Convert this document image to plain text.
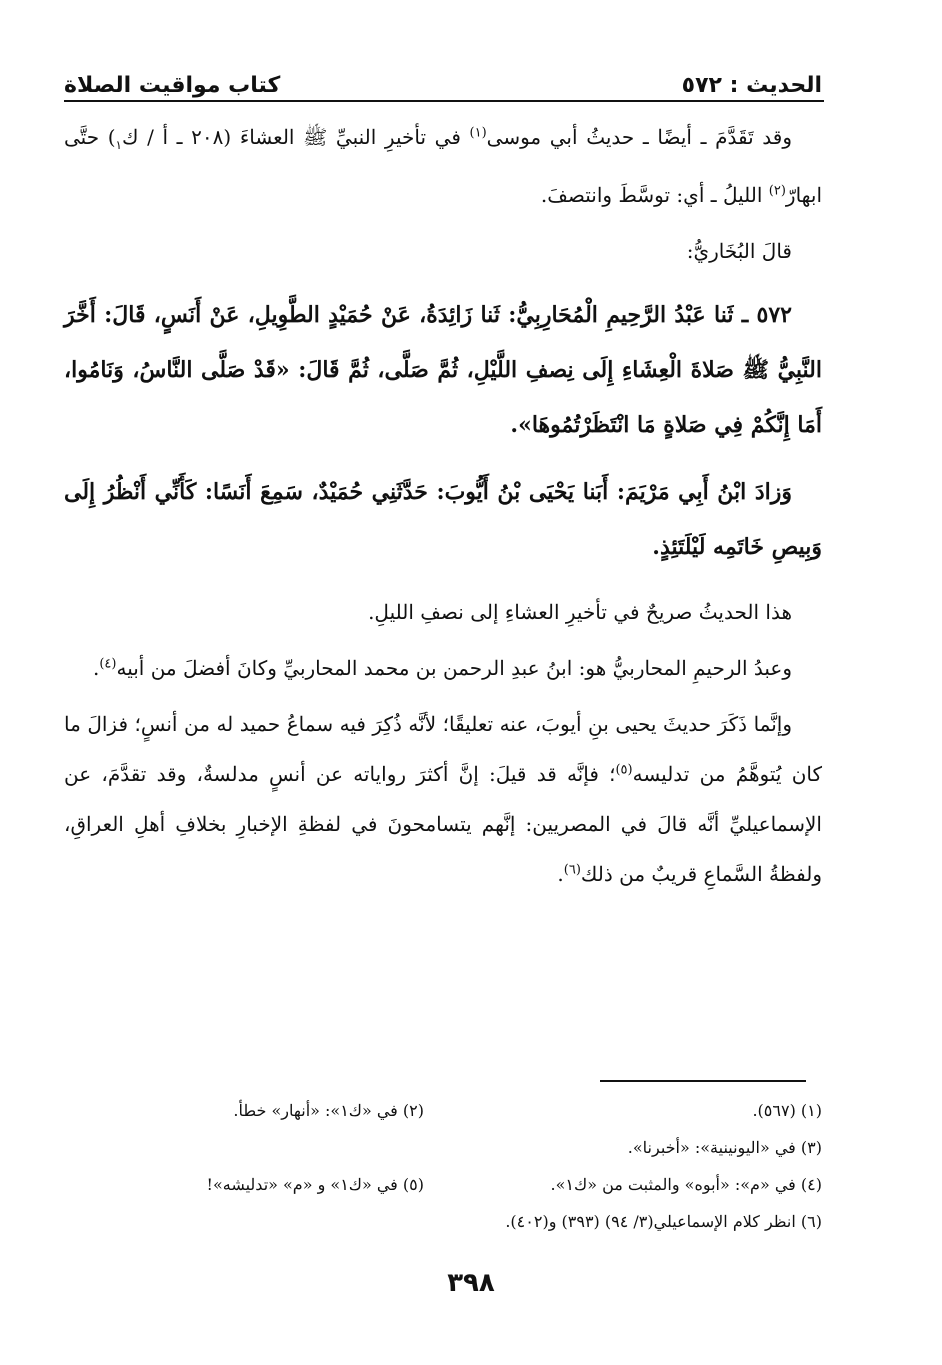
الحديث : ٥٧٢
كتاب مواقيت الصلاة

وقد تَقَدَّمَ ـ أيضًا ـ حديثُ أبي موسى$^{(١)}$ في تأخيرِ النبيِّ ﷺ العشاءَ (٢٠٨ ـ أ / ك$_١$) حتَّى ابهارّ$^{(٢)}$ الليلُ ـ أي: توسَّطَ وانتصفَ.

قالَ البُخَاريُّ:

٥٧٢ ـ ثَنا عَبْدُ الرَّحِيمِ الْمُحَارِبِيُّ: ثَنا زَائِدَةُ، عَنْ حُمَيْدٍ الطَّوِيلِ، عَنْ أَنَسٍ، قَالَ: أَخَّرَ النَّبِيُّ ﷺ صَلاةَ الْعِشَاءِ إِلَى نِصفِ اللَّيْلِ، ثُمَّ صَلَّى، ثُمَّ قَالَ: «قَدْ صَلَّى النَّاسُ، وَنَامُوا، أَمَا إِنَّكُمْ فِي صَلاةٍ مَا انْتَظَرْتُمُوهَا».

وَزادَ ابْنُ أَبِي مَرْيَمَ: أَبَنا يَحْيَى بْنُ أَيُّوبَ: حَدَّثَنِي حُمَيْدٌ، سَمِعَ أَنَسًا: كَأَنِّي أَنْظُرُ إِلَى وَبِيصِ خَاتَمِه لَيْلَتَئِذٍ.

هذا الحديثُ صريحٌ في تأخيرِ العشاءِ إلى نصفِ الليلِ.

وعبدُ الرحيمِ المحاربيُّ هو: ابنُ عبدِ الرحمن بن محمد المحاربيِّ وكانَ أفضلَ من أبيه$^{(٤)}$.

وإنَّما ذَكَرَ حديثَ يحيى بنِ أيوبَ، عنه تعليقًا؛ لأنَّه ذُكِرَ فيه سماعُ حميد له من أنسٍ؛ فزالَ ما كان يُتوهَّمُ من تدليسه$^{(٥)}$؛ فإنَّه قد قيلَ: إنَّ أكثرَ رواياته عن أنسٍ مدلسةٌ، وقد تقدَّمَ، عن الإسماعيليِّ أنَّه قالَ في المصريين: إنَّهم يتسامحونَ في لفظةِ الإخبارِ بخلافِ أهلِ العراقِ، ولفظةُ السَّماعِ قريبٌ من ذلك$^{(٦)}$.

(١) (٥٦٧).
(٢) في «ك١»: «أنهار» خطأ.
(٣) في «اليونينية»: «أخبرنا».
(٤) في «م»: «أبوه» والمثبت من «ك١».
(٥) في «ك١» و «م» «تدليشه»!
(٦) انظر كلام الإسماعيلي(٣/ ٩٤) (٣٩٣) و(٤٠٢).
٣٩٨
